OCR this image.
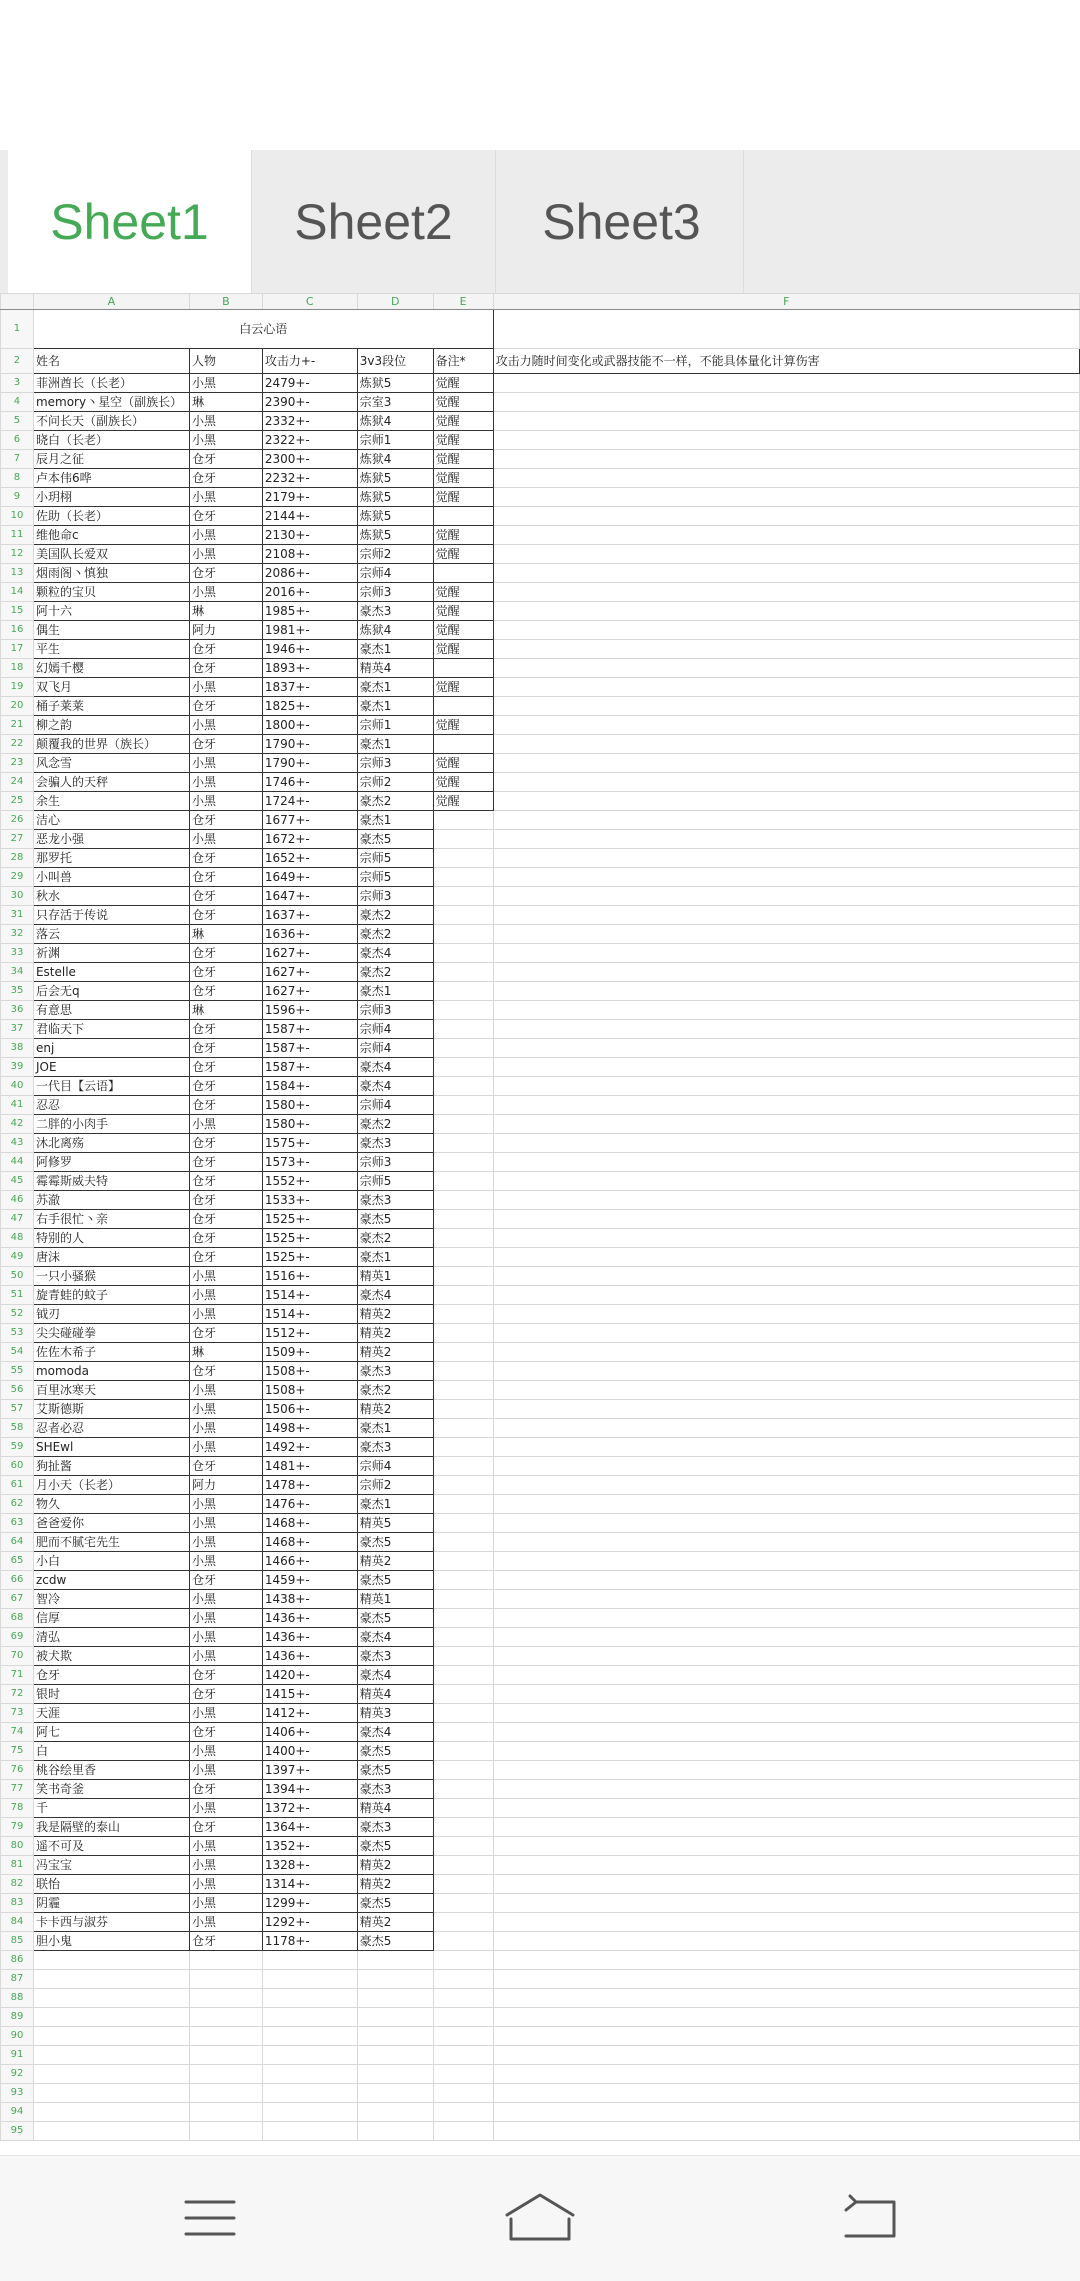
Sheet1	Sheet2	Sheet3
	A	B	C	D	E	F
1	白云心语					
2	姓名	人物	攻击力+-	3v3段位	备注*	攻击力随时间变化或武器技能不一样，不能具体量化计算伤害
3	菲洲酋长（长老）	小黑	2479+-	炼狱5	觉醒	
4	memory丶星空（副族长）	琳	2390+-	宗室3	觉醒	
5	不问长天（副族长）	小黑	2332+-	炼狱4	觉醒	
6	晓白（长老）	小黑	2322+-	宗师1	觉醒	
7	辰月之征	仓牙	2300+-	炼狱4	觉醒	
8	卢本伟6哗	仓牙	2232+-	炼狱5	觉醒	
9	小玥栩	小黑	2179+-	炼狱5	觉醒	
10	佐助（长老）	仓牙	2144+-	炼狱5		
11	维他命c	小黑	2130+-	炼狱5	觉醒	
12	美国队长爱双	小黑	2108+-	宗师2	觉醒	
13	烟雨阁丶慎独	仓牙	2086+-	宗师4		
14	颗粒的宝贝	小黑	2016+-	宗师3	觉醒	
15	阿十六	琳	1985+-	豪杰3	觉醒	
16	偶生	阿力	1981+-	炼狱4	觉醒	
17	平生	仓牙	1946+-	豪杰1	觉醒	
18	幻嫣千樱	仓牙	1893+-	精英4		
19	双飞月	小黑	1837+-	豪杰1	觉醒	
20	桶子莱莱	仓牙	1825+-	豪杰1		
21	柳之韵	小黑	1800+-	宗师1	觉醒	
22	颠覆我的世界（族长）	仓牙	1790+-	豪杰1		
23	风念雪	小黑	1790+-	宗师3	觉醒	
24	会骗人的天秤	小黑	1746+-	宗师2	觉醒	
25	余生	小黑	1724+-	豪杰2	觉醒	
26	洁心	仓牙	1677+-	豪杰1		
27	恶龙小强	小黑	1672+-	豪杰5		
28	那罗托	仓牙	1652+-	宗师5		
29	小叫兽	仓牙	1649+-	宗师5		
30	秋水	仓牙	1647+-	宗师3		
31	只存活于传说	仓牙	1637+-	豪杰2		
32	落云	琳	1636+-	豪杰2		
33	祈渊	仓牙	1627+-	豪杰4		
34	Estelle	仓牙	1627+-	豪杰2		
35	后会无q	仓牙	1627+-	豪杰1		
36	有意思	琳	1596+-	宗师3		
37	君临天下	仓牙	1587+-	宗师4		
38	enj	仓牙	1587+-	宗师4		
39	JOE	仓牙	1587+-	豪杰4		
40	一代目【云语】	仓牙	1584+-	豪杰4		
41	忍忍	仓牙	1580+-	宗师4		
42	二胖的小肉手	小黑	1580+-	豪杰2		
43	沐北离殇	仓牙	1575+-	豪杰3		
44	阿修罗	仓牙	1573+-	宗师3		
45	霉霉斯威夫特	仓牙	1552+-	宗师5		
46	苏澈	仓牙	1533+-	豪杰3		
47	右手很忙丶亲	仓牙	1525+-	豪杰5		
48	特别的人	仓牙	1525+-	豪杰2		
49	唐沫	仓牙	1525+-	豪杰1		
50	一只小骚猴	小黑	1516+-	精英1		
51	旋青蛙的蚊子	小黑	1514+-	豪杰4		
52	钺刃	小黑	1514+-	精英2		
53	尖尖碰碰拳	仓牙	1512+-	精英2		
54	佐佐木希子	琳	1509+-	精英2		
55	momoda	仓牙	1508+-	豪杰3		
56	百里冰寒天	小黑	1508+	豪杰2		
57	艾斯德斯	小黑	1506+-	精英2		
58	忍者必忍	小黑	1498+-	豪杰1		
59	SHEwl	小黑	1492+-	豪杰3		
60	狗扯酱	仓牙	1481+-	宗师4		
61	月小天（长老）	阿力	1478+-	宗师2		
62	物久	小黑	1476+-	豪杰1		
63	爸爸爱你	小黑	1468+-	精英5		
64	肥而不腻宅先生	小黑	1468+-	豪杰5		
65	小白	小黑	1466+-	精英2		
66	zcdw	仓牙	1459+-	豪杰5		
67	智冷	小黑	1438+-	精英1		
68	信厚	小黑	1436+-	豪杰5		
69	清弘	小黑	1436+-	豪杰4		
70	被犬欺	小黑	1436+-	豪杰3		
71	仓牙	仓牙	1420+-	豪杰4		
72	银时	仓牙	1415+-	精英4		
73	天涯	小黑	1412+-	精英3		
74	阿七	仓牙	1406+-	豪杰4		
75	白	小黑	1400+-	豪杰5		
76	桃谷绘里香	小黑	1397+-	豪杰5		
77	笑书奇釜	仓牙	1394+-	豪杰3		
78	千	小黑	1372+-	精英4		
79	我是隔壁的泰山	仓牙	1364+-	豪杰3		
80	遥不可及	小黑	1352+-	豪杰5		
81	冯宝宝	小黑	1328+-	精英2		
82	联怡	小黑	1314+-	精英2		
83	阴霾	小黑	1299+-	豪杰5		
84	卡卡西与淑芬	小黑	1292+-	精英2		
85	胆小鬼	仓牙	1178+-	豪杰5		
86						
87						
88						
89						
90						
91						
92						
93						
94						
95						
